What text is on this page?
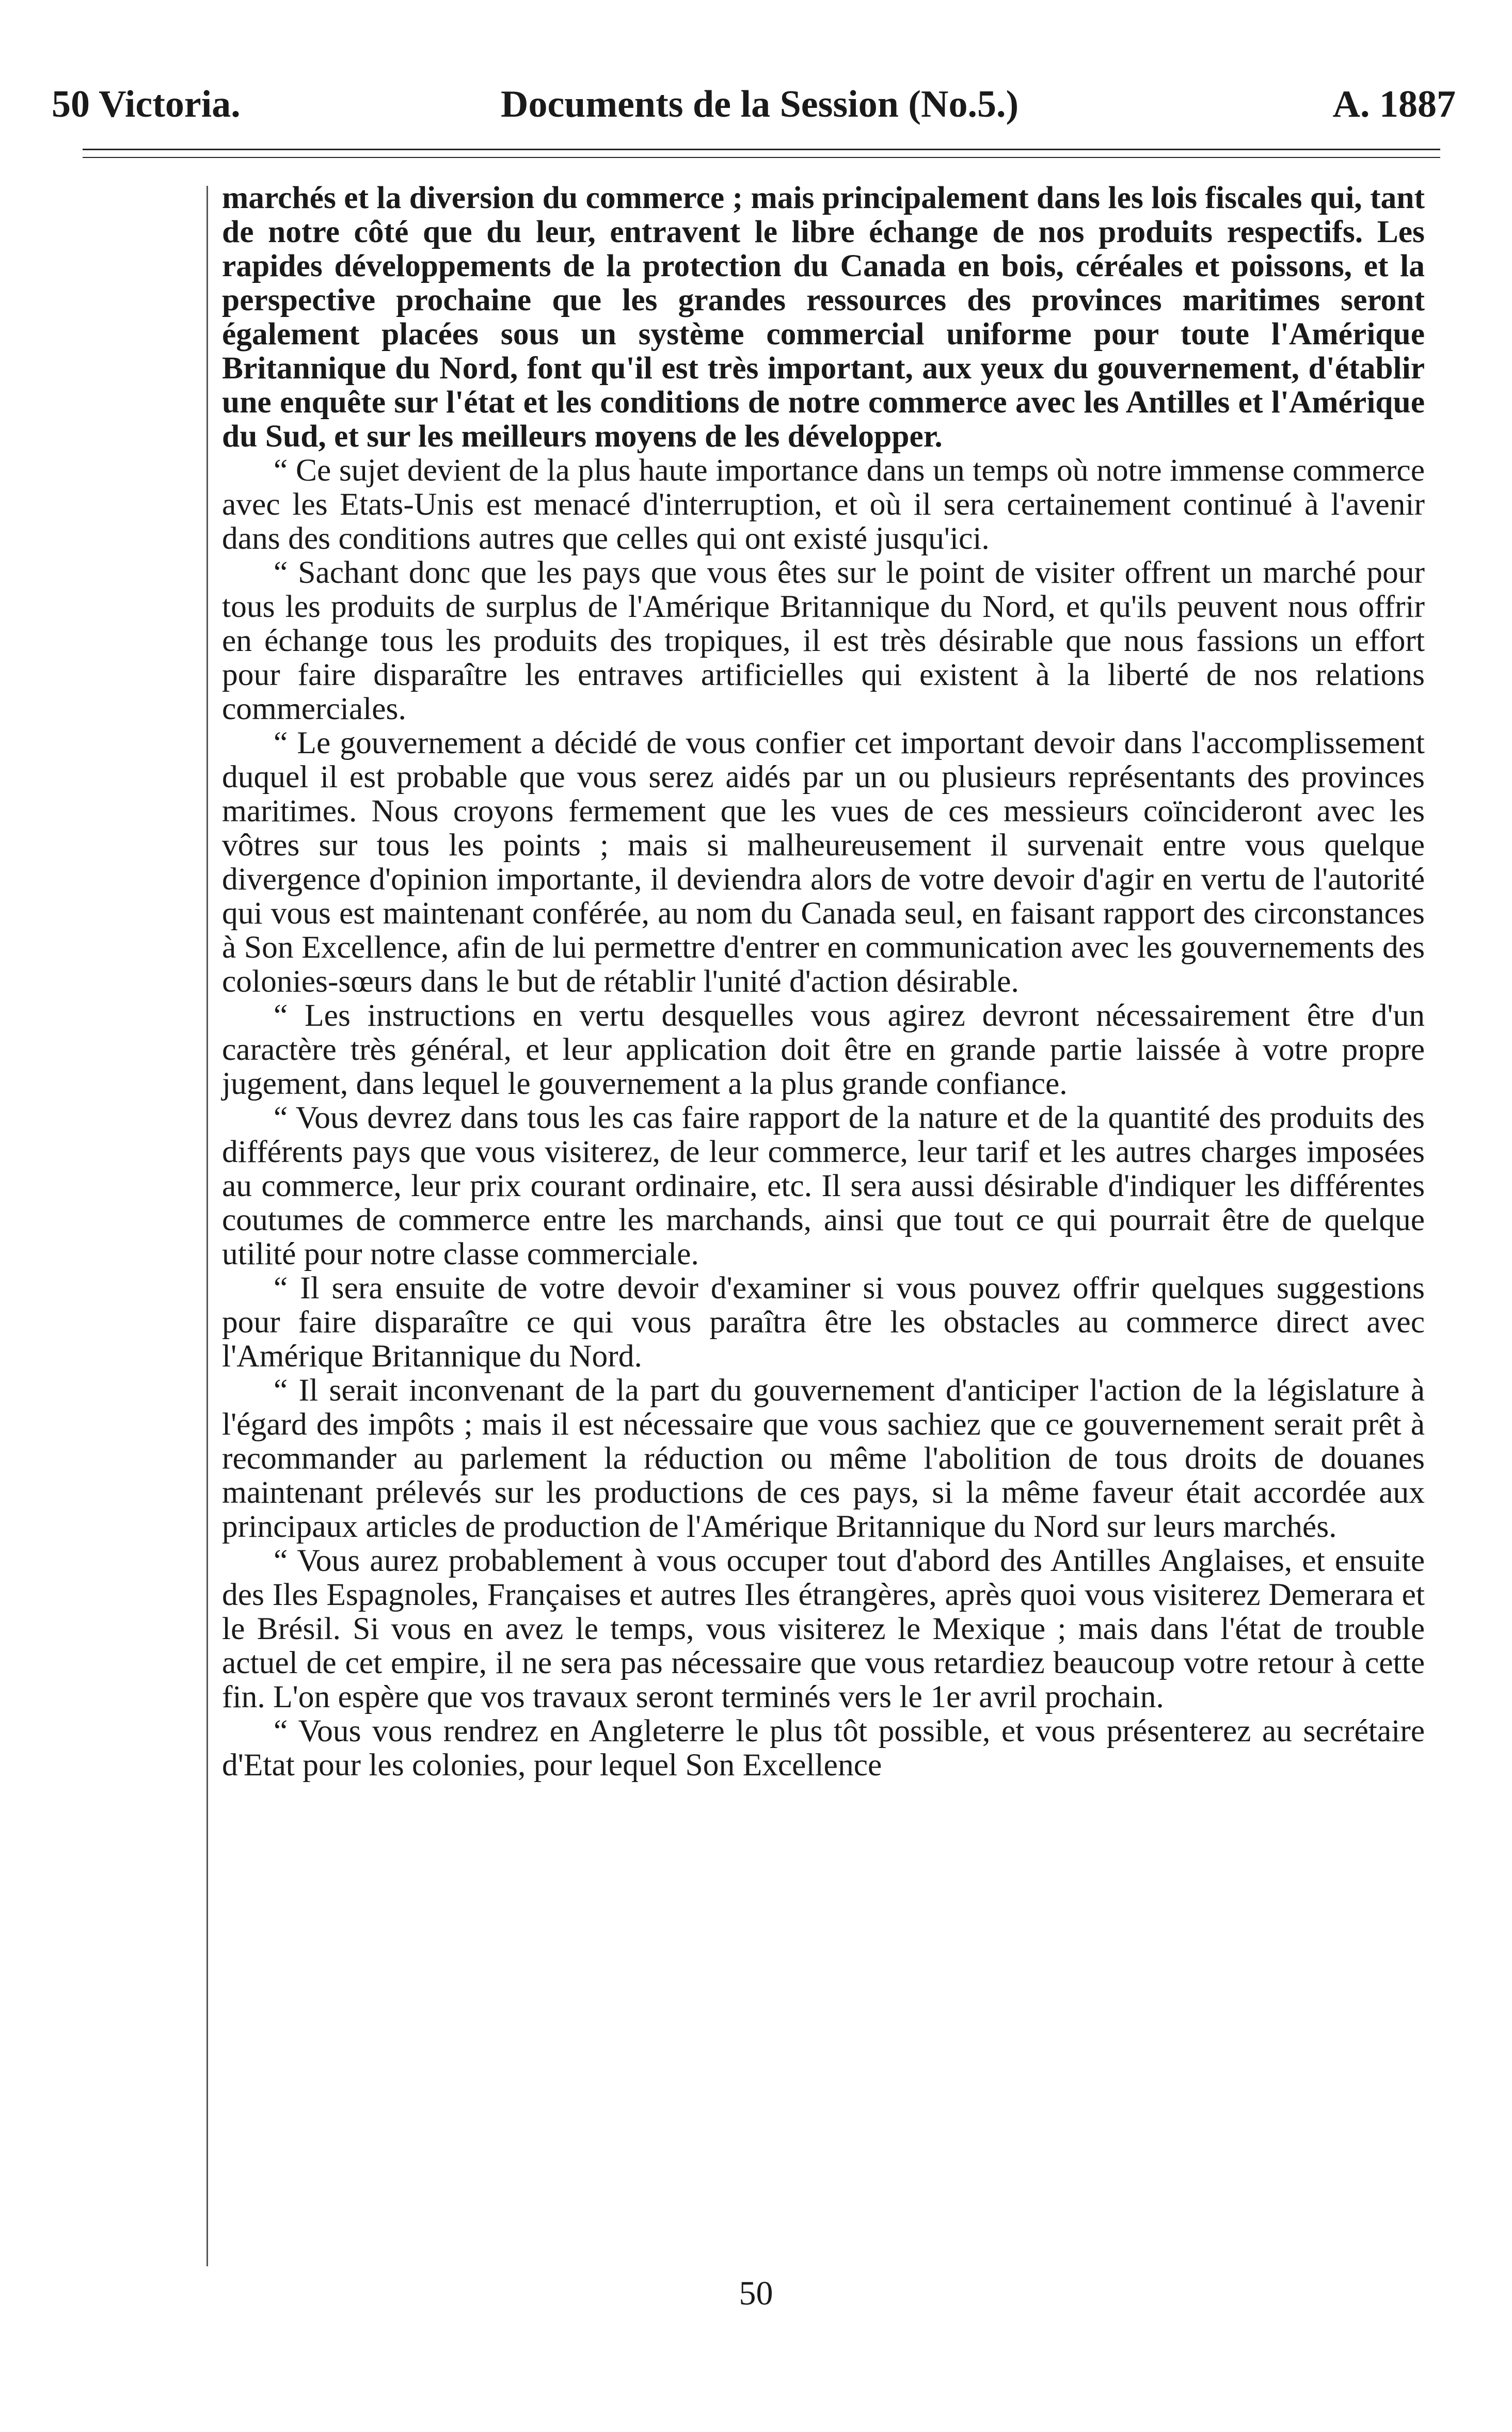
50 Victoria.	Documents de la Session (No.5.)	A. 1887

marchés et la diversion du commerce ; mais principalement dans les lois fiscales qui, tant de notre côté que du leur, entravent le libre échange de nos produits respectifs. Les rapides développements de la protection du Canada en bois, céréales et poissons, et la perspective prochaine que les grandes ressources des provinces maritimes seront également placées sous un système commercial uniforme pour toute l'Amérique Britannique du Nord, font qu'il est très important, aux yeux du gouvernement, d'établir une enquête sur l'état et les conditions de notre commerce avec les Antilles et l'Amérique du Sud, et sur les meilleurs moyens de les développer.

“ Ce sujet devient de la plus haute importance dans un temps où notre immense commerce avec les Etats-Unis est menacé d'interruption, et où il sera certainement continué à l'avenir dans des conditions autres que celles qui ont existé jusqu'ici.

“ Sachant donc que les pays que vous êtes sur le point de visiter offrent un marché pour tous les produits de surplus de l'Amérique Britannique du Nord, et qu'ils peuvent nous offrir en échange tous les produits des tropiques, il est très désirable que nous fassions un effort pour faire disparaître les entraves artificielles qui existent à la liberté de nos relations commerciales.

“ Le gouvernement a décidé de vous confier cet important devoir dans l'accomplissement duquel il est probable que vous serez aidés par un ou plusieurs représentants des provinces maritimes. Nous croyons fermement que les vues de ces messieurs coïncideront avec les vôtres sur tous les points ; mais si malheureusement il survenait entre vous quelque divergence d'opinion importante, il deviendra alors de votre devoir d'agir en vertu de l'autorité qui vous est maintenant conférée, au nom du Canada seul, en faisant rapport des circonstances à Son Excellence, afin de lui permettre d'entrer en communication avec les gouvernements des colonies-sœurs dans le but de rétablir l'unité d'action désirable.

“ Les instructions en vertu desquelles vous agirez devront nécessairement être d'un caractère très général, et leur application doit être en grande partie laissée à votre propre jugement, dans lequel le gouvernement a la plus grande confiance.

“ Vous devrez dans tous les cas faire rapport de la nature et de la quantité des produits des différents pays que vous visiterez, de leur commerce, leur tarif et les autres charges imposées au commerce, leur prix courant ordinaire, etc. Il sera aussi désirable d'indiquer les différentes coutumes de commerce entre les marchands, ainsi que tout ce qui pourrait être de quelque utilité pour notre classe commerciale.

“ Il sera ensuite de votre devoir d'examiner si vous pouvez offrir quelques suggestions pour faire disparaître ce qui vous paraîtra être les obstacles au commerce direct avec l'Amérique Britannique du Nord.

“ Il serait inconvenant de la part du gouvernement d'anticiper l'action de la législature à l'égard des impôts ; mais il est nécessaire que vous sachiez que ce gouvernement serait prêt à recommander au parlement la réduction ou même l'abolition de tous droits de douanes maintenant prélevés sur les productions de ces pays, si la même faveur était accordée aux principaux articles de production de l'Amérique Britannique du Nord sur leurs marchés.

“ Vous aurez probablement à vous occuper tout d'abord des Antilles Anglaises, et ensuite des Iles Espagnoles, Françaises et autres Iles étrangères, après quoi vous visiterez Demerara et le Brésil. Si vous en avez le temps, vous visiterez le Mexique ; mais dans l'état de trouble actuel de cet empire, il ne sera pas nécessaire que vous retardiez beaucoup votre retour à cette fin. L'on espère que vos travaux seront terminés vers le 1er avril prochain.

“ Vous vous rendrez en Angleterre le plus tôt possible, et vous présenterez au secrétaire d'Etat pour les colonies, pour lequel Son Excellence

50
